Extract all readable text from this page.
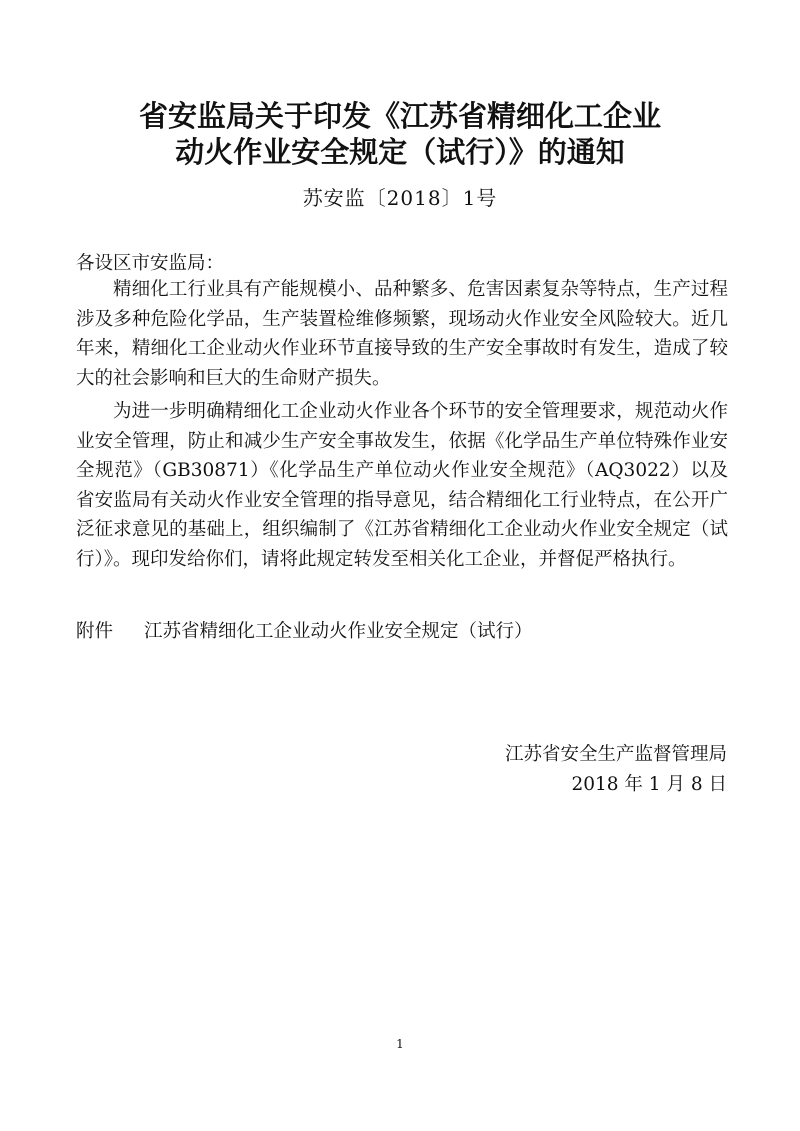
省安监局关于印发《江苏省精细化工企业
动火作业安全规定（试行）》的通知
苏安监〔2018〕1号

各设区市安监局：

精细化工行业具有产能规模小、品种繁多、危害因素复杂等特点，生产过程涉及多种危险化学品，生产装置检维修频繁，现场动火作业安全风险较大。近几年来，精细化工企业动火作业环节直接导致的生产安全事故时有发生，造成了较大的社会影响和巨大的生命财产损失。

为进一步明确精细化工企业动火作业各个环节的安全管理要求，规范动火作业安全管理，防止和减少生产安全事故发生，依据《化学品生产单位特殊作业安全规范》（GB30871）《化学品生产单位动火作业安全规范》（AQ3022）以及省安监局有关动火作业安全管理的指导意见，结合精细化工行业特点，在公开广泛征求意见的基础上，组织编制了《江苏省精细化工企业动火作业安全规定（试行）》。现印发给你们，请将此规定转发至相关化工企业，并督促严格执行。

附件 江苏省精细化工企业动火作业安全规定（试行）
江苏省安全生产监督管理局
2018 年 1 月 8 日
1
